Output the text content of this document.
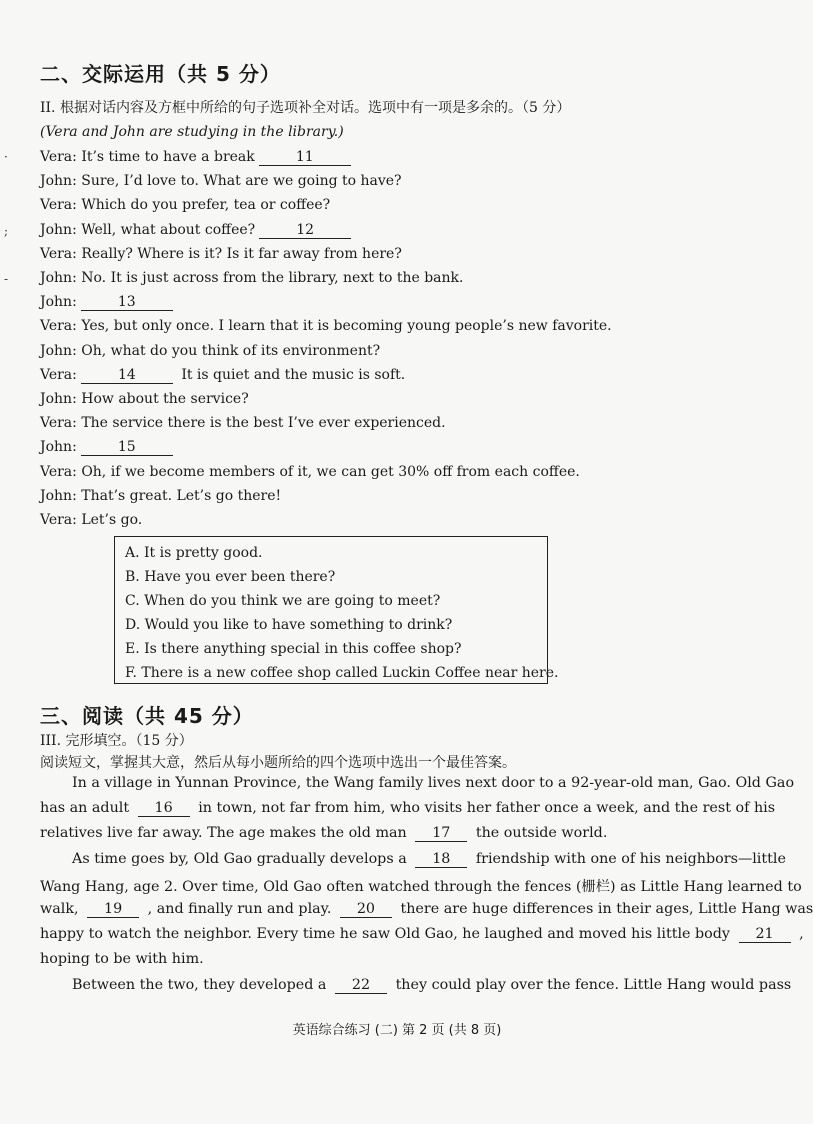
二、交际运用（共 5 分）
II. 根据对话内容及方框中所给的句子选项补全对话。选项中有一项是多余的。（5 分）
(Vera and John are studying in the library.)
·
;
-
Vera: It’s time to have a break	11
John: Sure, I’d love to. What are we going to have?
Vera: Which do you prefer, tea or coffee?
John: Well, what about coffee?	12
Vera: Really? Where is it? Is it far away from here?
John: No. It is just across from the library, next to the bank.
John:	13
Vera: Yes, but only once. I learn that it is becoming young people’s new favorite.
John: Oh, what do you think of its environment?
Vera:	14	It is quiet and the music is soft.
John: How about the service?
Vera: The service there is the best I’ve ever experienced.
John:	15
Vera: Oh, if we become members of it, we can get 30% off from each coffee.
John: That’s great. Let’s go there!
Vera: Let’s go.
A. It is pretty good.
B. Have you ever been there?
C. When do you think we are going to meet?
D. Would you like to have something to drink?
E. Is there anything special in this coffee shop?
F. There is a new coffee shop called Luckin Coffee near here.
三、阅读（共 45 分）
III. 完形填空。（15 分）
阅读短文，掌握其大意，然后从每小题所给的四个选项中选出一个最佳答案。
In a village in Yunnan Province, the Wang family lives next door to a 92-year-old man, Gao. Old Gao
has an adult 16 in town, not far from him, who visits her father once a week, and the rest of his
relatives live far away. The age makes the old man 17 the outside world.
As time goes by, Old Gao gradually develops a 18 friendship with one of his neighbors—little
Wang Hang, age 2. Over time, Old Gao often watched through the fences (栅栏) as Little Hang learned to
walk, 19 , and finally run and play. 20 there are huge differences in their ages, Little Hang was
happy to watch the neighbor. Every time he saw Old Gao, he laughed and moved his little body 21 ,
hoping to be with him.
Between the two, they developed a 22 they could play over the fence. Little Hang would pass
英语综合练习 (二) 第 2 页 (共 8 页)
